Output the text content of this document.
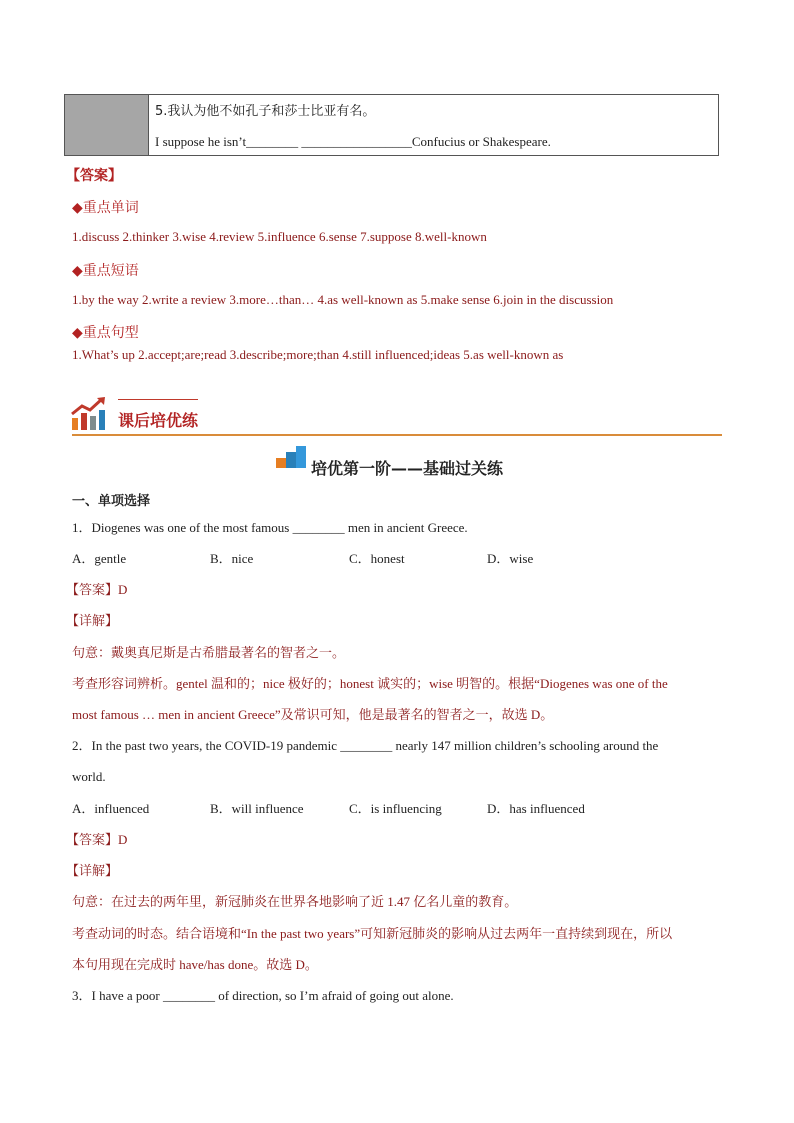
5.我认为他不如孔子和莎士比亚有名。
I suppose he isn’t________ _________________Confucius or Shakespeare.
【答案】
◆重点单词
1.discuss 2.thinker 3.wise 4.review 5.influence 6.sense 7.suppose 8.well-known
◆重点短语
1.by the way 2.write a review 3.more…than… 4.as well-known as 5.make sense 6.join in the discussion
◆重点句型
1.What’s up 2.accept;are;read 3.describe;more;than 4.still influenced;ideas 5.as well-known as
课后培优练
培优第一阶——基础过关练
一、单项选择
1．Diogenes was one of the most famous ________ men in ancient Greece.
A．gentle	B．nice	C．honest	D．wise
【答案】D
【详解】
句意：戴奥真尼斯是古希腊最著名的智者之一。
考查形容词辨析。gentel 温和的；nice 极好的；honest 诚实的；wise 明智的。根据“Diogenes was one of the
most famous … men in ancient Greece”及常识可知，他是最著名的智者之一，故选 D。
2．In the past two years, the COVID-19 pandemic ________ nearly 147 million children’s schooling around the
world.
A．influenced	B．will influence	C．is influencing	D．has influenced
【答案】D
【详解】
句意：在过去的两年里，新冠肺炎在世界各地影响了近 1.47 亿名儿童的教育。
考查动词的时态。结合语境和“In the past two years”可知新冠肺炎的影响从过去两年一直持续到现在，所以
本句用现在完成时 have/has done。故选 D。
3．I have a poor ________ of direction, so I’m afraid of going out alone.
